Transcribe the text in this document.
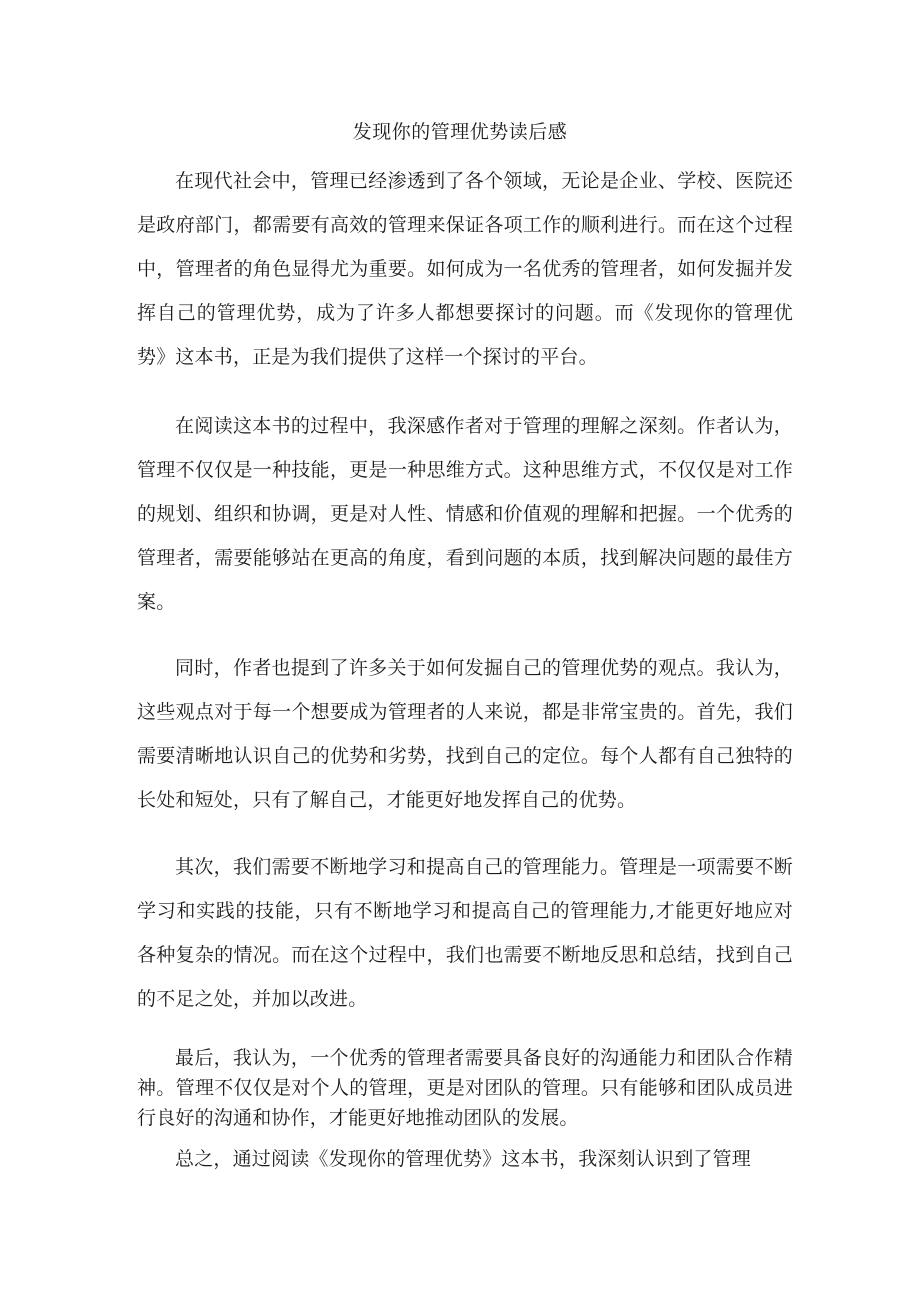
发现你的管理优势读后感

在现代社会中，管理已经渗透到了各个领域，无论是企业、学校、医院还是政府部门，都需要有高效的管理来保证各项工作的顺利进行。而在这个过程中，管理者的角色显得尤为重要。如何成为一名优秀的管理者，如何发掘并发挥自己的管理优势，成为了许多人都想要探讨的问题。而《发现你的管理优势》这本书，正是为我们提供了这样一个探讨的平台。

在阅读这本书的过程中，我深感作者对于管理的理解之深刻。作者认为，管理不仅仅是一种技能，更是一种思维方式。这种思维方式，不仅仅是对工作的规划、组织和协调，更是对人性、情感和价值观的理解和把握。一个优秀的管理者，需要能够站在更高的角度，看到问题的本质，找到解决问题的最佳方案。

同时，作者也提到了许多关于如何发掘自己的管理优势的观点。我认为，这些观点对于每一个想要成为管理者的人来说，都是非常宝贵的。首先，我们需要清晰地认识自己的优势和劣势，找到自己的定位。每个人都有自己独特的长处和短处，只有了解自己，才能更好地发挥自己的优势。

其次，我们需要不断地学习和提高自己的管理能力。管理是一项需要不断学习和实践的技能，只有不断地学习和提高自己的管理能力,才能更好地应对各种复杂的情况。而在这个过程中，我们也需要不断地反思和总结，找到自己的不足之处，并加以改进。

最后，我认为，一个优秀的管理者需要具备良好的沟通能力和团队合作精神。管理不仅仅是对个人的管理，更是对团队的管理。只有能够和团队成员进行良好的沟通和协作，才能更好地推动团队的发展。

总之，通过阅读《发现你的管理优势》这本书，我深刻认识到了管理
